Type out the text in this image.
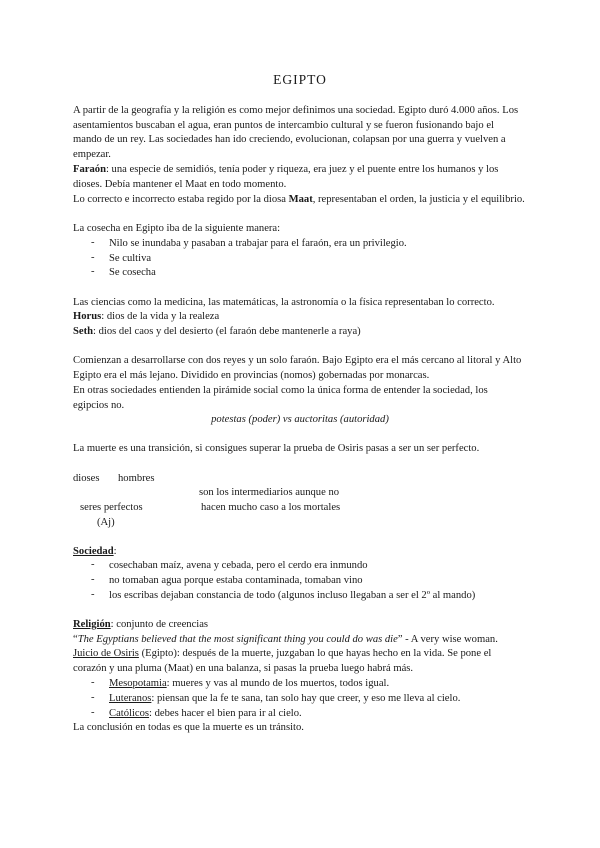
EGIPTO

A partir de la geografía y la religión es como mejor definimos una sociedad. Egipto duró 4.000 años. Los asentamientos buscaban el agua, eran puntos de intercambio cultural y se fueron fusionando bajo el mando de un rey. Las sociedades han ido creciendo, evolucionan, colapsan por una guerra y vuelven a empezar.

Faraón: una especie de semidiós, tenía poder y riqueza, era juez y el puente entre los humanos y los dioses. Debía mantener el Maat en todo momento.

Lo correcto e incorrecto estaba regido por la diosa Maat, representaban el orden, la justicia y el equilibrio.

La cosecha en Egipto iba de la siguiente manera:

- Nilo se inundaba y pasaban a trabajar para el faraón, era un privilegio.
- Se cultiva
- Se cosecha

Las ciencias como la medicina, las matemáticas, la astronomía o la física representaban lo correcto.

Horus: dios de la vida y la realeza

Seth: dios del caos y del desierto (el faraón debe mantenerle a raya)

Comienzan a desarrollarse con dos reyes y un solo faraón. Bajo Egipto era el más cercano al litoral y Alto Egipto era el más lejano. Dividido en provincias (nomos) gobernadas por monarcas.

En otras sociedades entienden la pirámide social como la única forma de entender la sociedad, los egipcios no.

potestas (poder) vs auctoritas (autoridad)

La muerte es una transición, si consigues superar la prueba de Osiris pasas a ser un ser perfecto.

dioses hombres
son los intermediarios aunque no
seres perfectos	hacen mucho caso a los mortales
(Aj)

Sociedad:

- cosechaban maíz, avena y cebada, pero el cerdo era inmundo
- no tomaban agua porque estaba contaminada, tomaban vino
- los escribas dejaban constancia de todo (algunos incluso llegaban a ser el 2º al mando)

Religión: conjunto de creencias

“The Egyptians believed that the most significant thing you could do was die” - A very wise woman.

Juicio de Osiris (Egipto): después de la muerte, juzgaban lo que hayas hecho en la vida. Se pone el corazón y una pluma (Maat) en una balanza, si pasas la prueba luego habrá más.

- Mesopotamia: mueres y vas al mundo de los muertos, todos igual.
- Luteranos: piensan que la fe te sana, tan solo hay que creer, y eso me lleva al cielo.
- Católicos: debes hacer el bien para ir al cielo.

La conclusión en todas es que la muerte es un tránsito.
